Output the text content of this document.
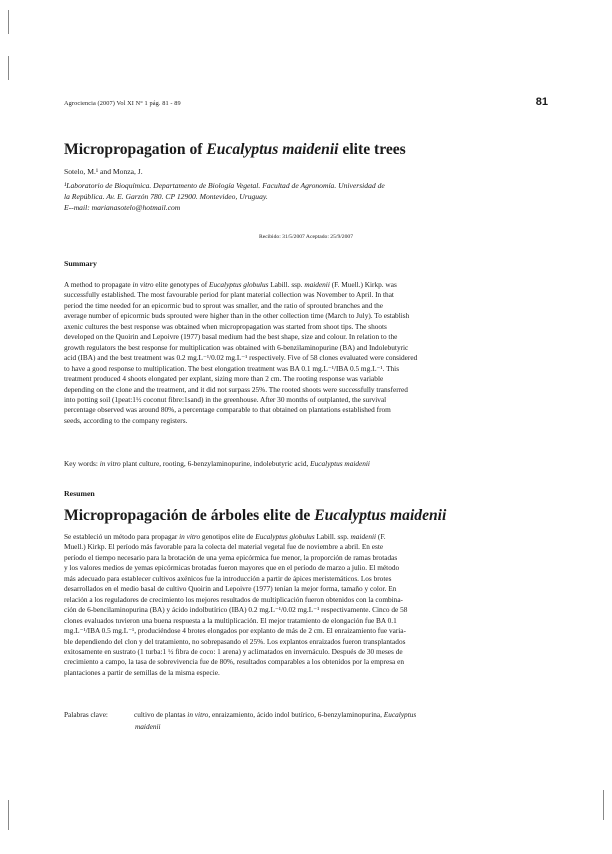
Agrociencia (2007) Vol XI N° 1 pág. 81 - 89	81
Micropropagation of Eucalyptus maidenii elite trees
Sotelo, M.¹ and Monza, J.
¹Laboratorio de Bioquímica. Departamento de Biología Vegetal. Facultad de Agronomía. Universidad de
la República. Av. E. Garzón 780. CP 12900. Montevideo, Uruguay.
E--mail: marianasotelo@hotmail.com
Recibido: 31/5/2007 Aceptado: 25/9/2007
Summary
A method to propagate in vitro elite genotypes of Eucalyptus globulus Labill. ssp. maidenii (F. Muell.) Kirkp. was
successfully established. The most favourable period for plant material collection was November to April. In that
period the time needed for an epicormic bud to sprout was smaller, and the ratio of sprouted branches and the
average number of epicormic buds sprouted were higher than in the other collection time (March to July). To establish
axenic cultures the best response was obtained when micropropagation was started from shoot tips. The shoots
developed on the Quoirin and Lepoivre (1977) basal medium had the best shape, size and colour. In relation to the
growth regulators the best response for multiplication was obtained with 6-benzilaminopurine (BA) and Indolebutyric
acid (IBA) and the best treatment was 0.2 mg.L⁻¹/0.02 mg.L⁻¹ respectively. Five of 58 clones evaluated were considered
to have a good response to multiplication. The best elongation treatment was BA 0.1 mg.L⁻¹/IBA 0.5 mg.L⁻¹. This
treatment produced 4 shoots elongated per explant, sizing more than 2 cm. The rooting response was variable
depending on the clone and the treatment, and it did not surpass 25%. The rooted shoots were successfully transferred
into potting soil (1peat:1½ coconut fibre:1sand) in the greenhouse. After 30 months of outplanted, the survival
percentage observed was around 80%, a percentage comparable to that obtained on plantations established from
seeds, according to the company registers.
Key words: in vitro plant culture, rooting, 6-benzylaminopurine, indolebutyric acid, Eucalyptus maidenii
Resumen
Micropropagación de árboles elite de Eucalyptus maidenii
Se estableció un método para propagar in vitro genotipos elite de Eucalyptus globulus Labill. ssp. maidenii (F.
Muell.) Kirkp. El período más favorable para la colecta del material vegetal fue de noviembre a abril. En este
período el tiempo necesario para la brotación de una yema epicórmica fue menor, la proporción de ramas brotadas
y los valores medios de yemas epicórmicas brotadas fueron mayores que en el período de marzo a julio. El método
más adecuado para establecer cultivos axénicos fue la introducción a partir de ápices meristemáticos. Los brotes
desarrollados en el medio basal de cultivo Quoirin and Lepoivre (1977) tenían la mejor forma, tamaño y color. En
relación a los reguladores de crecimiento los mejores resultados de multiplicación fueron obtenidos con la combina-
ción de 6-bencilaminopurina (BA) y ácido indolbutírico (IBA) 0.2 mg.L⁻¹/0.02 mg.L⁻¹ respectivamente. Cinco de 58
clones evaluados tuvieron una buena respuesta a la multiplicación. El mejor tratamiento de elongación fue BA 0.1
mg.L⁻¹/IBA 0.5 mg.L⁻¹, produciéndose 4 brotes elongados por explanto de más de 2 cm. El enraizamiento fue varia-
ble dependiendo del clon y del tratamiento, no sobrepasando el 25%. Los explantos enraizados fueron transplantados
exitosamente en sustrato (1 turba:1 ½ fibra de coco: 1 arena) y aclimatados en invernáculo. Después de 30 meses de
crecimiento a campo, la tasa de sobrevivencia fue de 80%, resultados comparables a los obtenidos por la empresa en
plantaciones a partir de semillas de la misma especie.
Palabras clave:	cultivo de plantas in vitro, enraizamiento, ácido indol butírico, 6-benzylaminopurina, Eucalyptus
maidenii
